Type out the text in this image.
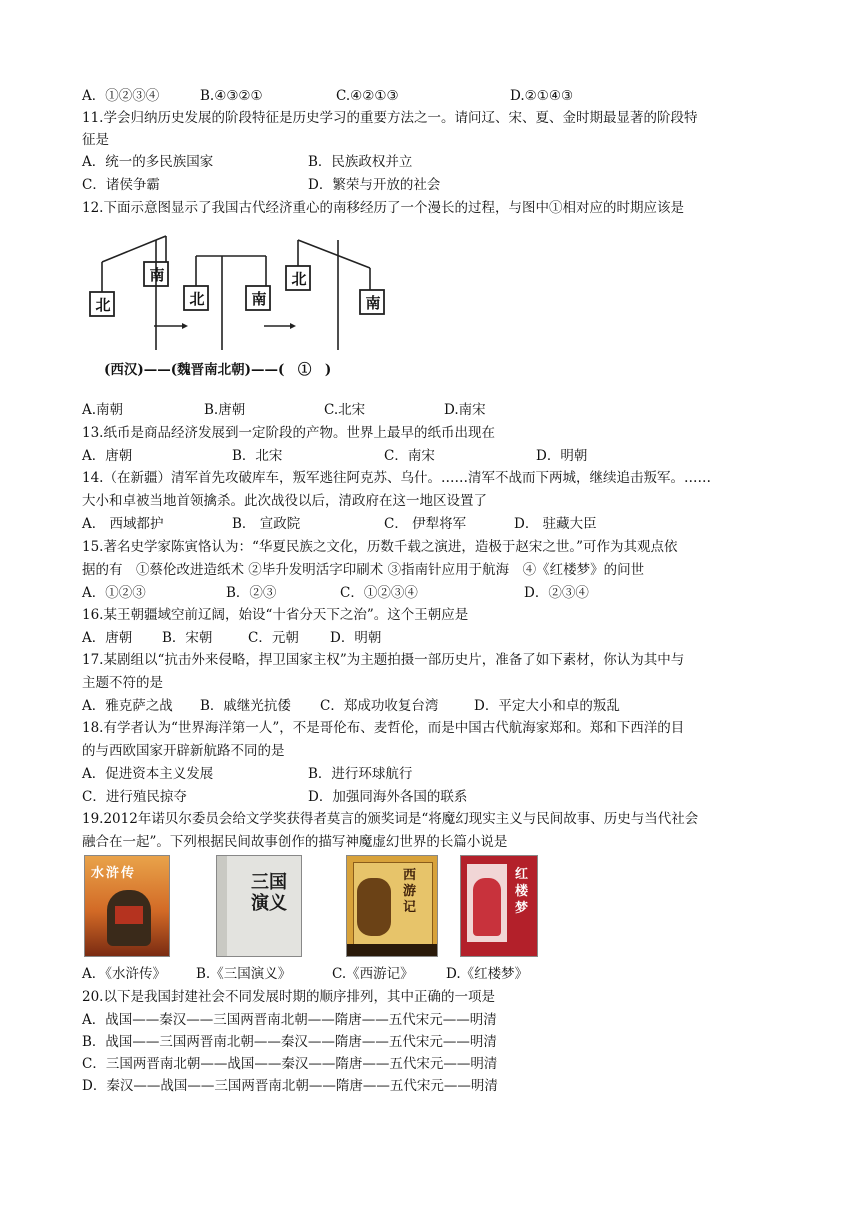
A．①②③④	B.④③②①	C.④②①③	D.②①④③
11.学会归纳历史发展的阶段特征是历史学习的重要方法之一。请问辽、宋、夏、金时期最显著的阶段特
征是
A．统一的多民族国家	B．民族政权并立
C．诸侯争霸	D．繁荣与开放的社会
12.下面示意图显示了我国古代经济重心的南移经历了一个漫长的过程，与图中①相对应的时期应该是
北
南
北	南
北
南
(西汉)——(魏晋南北朝)——(　①　)
A.南朝	B.唐朝	C.北宋	D.南宋
13.纸币是商品经济发展到一定阶段的产物。世界上最早的纸币出现在
A．唐朝	B．北宋	C．南宋	D．明朝
14.（在新疆）清军首先攻破库车，叛军逃往阿克苏、乌什。……清军不战而下两城，继续追击叛军。……
大小和卓被当地首领擒杀。此次战役以后，清政府在这一地区设置了
A． 西域都护	B． 宣政院	C． 伊犁将军	D． 驻藏大臣
15.著名史学家陈寅恪认为：“华夏民族之文化，历数千载之演进，造极于赵宋之世。”可作为其观点依
据的有　①蔡伦改进造纸术 ②毕升发明活字印刷术 ③指南针应用于航海　④《红楼梦》的问世
A．①②③	B．②③	C．①②③④	D．②③④
16.某王朝疆域空前辽阔，始设“十省分天下之治”。这个王朝应是
A．唐朝 B．宋朝	C．元朝 D．明朝
17.某剧组以“抗击外来侵略，捍卫国家主权”为主题拍摄一部历史片，准备了如下素材，你认为其中与
主题不符的是
A．雅克萨之战 B．戚继光抗倭 C．郑成功收复台湾	D．平定大小和卓的叛乱
18.有学者认为“世界海洋第一人”，不是哥伦布、麦哲伦，而是中国古代航海家郑和。郑和下西洋的目
的与西欧国家开辟新航路不同的是
A．促进资本主义发展	B．进行环球航行
C．进行殖民掠夺	D．加强同海外各国的联系
19.2012年诺贝尔委员会给文学奖获得者莫言的颁奖词是“将魔幻现实主义与民间故事、历史与当代社会
融合在一起”。下列根据民间故事创作的描写神魔虚幻世界的长篇小说是
水浒传	三国演义
西游记
红楼梦
A．《水浒传》 B.《三国演义》	C.《西游记》 D.《红楼梦》
20.以下是我国封建社会不同发展时期的顺序排列，其中正确的一项是
A．战国——秦汉——三国两晋南北朝——隋唐——五代宋元——明清
B．战国——三国两晋南北朝——秦汉——隋唐——五代宋元——明清
C．三国两晋南北朝——战国——秦汉——隋唐——五代宋元——明清
D．秦汉——战国——三国两晋南北朝——隋唐——五代宋元——明清
